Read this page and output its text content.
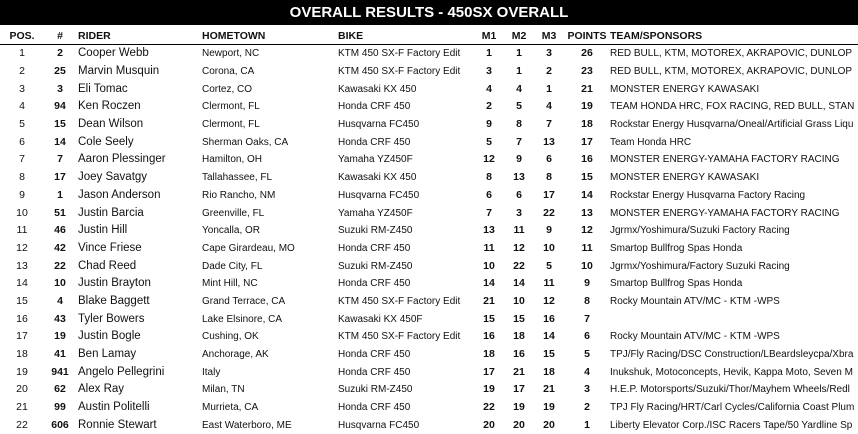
OVERALL RESULTS - 450SX OVERALL
POS.	#	RIDER	HOMETOWN	BIKE	M1	M2	M3	POINTS	TEAM/SPONSORS
1	2	Cooper Webb	Newport, NC	KTM 450 SX-F Factory Edit	1	1	3	26	RED BULL, KTM, MOTOREX, AKRAPOVIC, DUNLOP
2	25	Marvin Musquin	Corona, CA	KTM 450 SX-F Factory Edit	3	1	2	23	RED BULL, KTM, MOTOREX, AKRAPOVIC, DUNLOP
3	3	Eli Tomac	Cortez, CO	Kawasaki KX 450	4	4	1	21	MONSTER ENERGY KAWASAKI
4	94	Ken Roczen	Clermont, FL	Honda CRF 450	2	5	4	19	TEAM HONDA HRC, FOX RACING, RED BULL, STAN
5	15	Dean Wilson	Clermont, FL	Husqvarna FC450	9	8	7	18	Rockstar Energy Husqvarna/Oneal/Artificial Grass Liqu
6	14	Cole Seely	Sherman Oaks, CA	Honda CRF 450	5	7	13	17	Team Honda HRC
7	7	Aaron Plessinger	Hamilton, OH	Yamaha YZ450F	12	9	6	16	MONSTER ENERGY-YAMAHA FACTORY RACING
8	17	Joey Savatgy	Tallahassee, FL	Kawasaki KX 450	8	13	8	15	MONSTER ENERGY KAWASAKI
9	1	Jason Anderson	Rio Rancho, NM	Husqvarna FC450	6	6	17	14	Rockstar Energy Husqvarna Factory Racing
10	51	Justin Barcia	Greenville, FL	Yamaha YZ450F	7	3	22	13	MONSTER ENERGY-YAMAHA FACTORY RACING
11	46	Justin Hill	Yoncalla, OR	Suzuki RM-Z450	13	11	9	12	Jgrmx/Yoshimura/Suzuki Factory Racing
12	42	Vince Friese	Cape Girardeau, MO	Honda CRF 450	11	12	10	11	Smartop Bullfrog Spas Honda
13	22	Chad Reed	Dade City, FL	Suzuki RM-Z450	10	22	5	10	Jgrmx/Yoshimura/Factory Suzuki Racing
14	10	Justin Brayton	Mint Hill, NC	Honda CRF 450	14	14	11	9	Smartop Bullfrog Spas Honda
15	4	Blake Baggett	Grand Terrace, CA	KTM 450 SX-F Factory Edit	21	10	12	8	Rocky Mountain ATV/MC - KTM -WPS
16	43	Tyler Bowers	Lake Elsinore, CA	Kawasaki KX 450F	15	15	16	7	
17	19	Justin Bogle	Cushing, OK	KTM 450 SX-F Factory Edit	16	18	14	6	Rocky Mountain ATV/MC - KTM -WPS
18	41	Ben Lamay	Anchorage, AK	Honda CRF 450	18	16	15	5	TPJ/Fly Racing/DSC Construction/LBeardsleycpa/Xbra
19	941	Angelo Pellegrini	Italy	Honda CRF 450	17	21	18	4	Inukshuk, Motoconcepts, Hevik, Kappa Moto, Seven M
20	62	Alex Ray	Milan, TN	Suzuki RM-Z450	19	17	21	3	H.E.P. Motorsports/Suzuki/Thor/Mayhem Wheels/Redl
21	99	Austin Politelli	Murrieta, CA	Honda CRF 450	22	19	19	2	TPJ Fly Racing/HRT/Carl Cycles/California Coast Plum
22	606	Ronnie Stewart	East Waterboro, ME	Husqvarna FC450	20	20	20	1	Liberty Elevator Corp./ISC Racers Tape/50 Yardline Sp
